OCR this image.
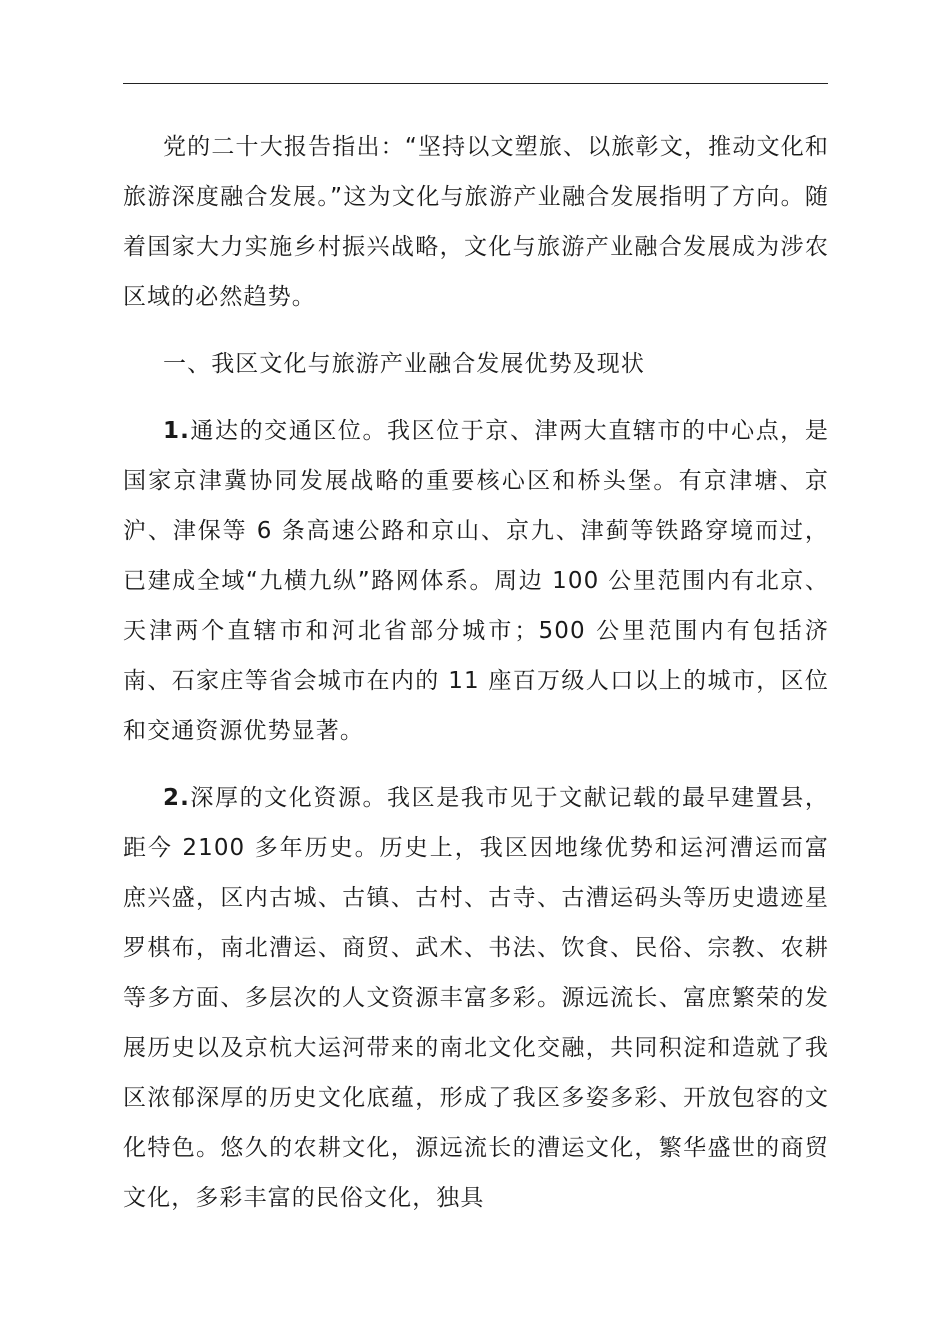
党的二十大报告指出：“坚持以文塑旅、以旅彰文，推动文化和旅游深度融合发展。”这为文化与旅游产业融合发展指明了方向。随着国家大力实施乡村振兴战略，文化与旅游产业融合发展成为涉农区域的必然趋势。

一、我区文化与旅游产业融合发展优势及现状

1.通达的交通区位。我区位于京、津两大直辖市的中心点，是国家京津冀协同发展战略的重要核心区和桥头堡。有京津塘、京沪、津保等 6 条高速公路和京山、京九、津蓟等铁路穿境而过，已建成全域“九横九纵”路网体系。周边 100 公里范围内有北京、天津两个直辖市和河北省部分城市；500 公里范围内有包括济南、石家庄等省会城市在内的 11 座百万级人口以上的城市，区位和交通资源优势显著。

2.深厚的文化资源。我区是我市见于文献记载的最早建置县，距今 2100 多年历史。历史上，我区因地缘优势和运河漕运而富庶兴盛，区内古城、古镇、古村、古寺、古漕运码头等历史遗迹星罗棋布，南北漕运、商贸、武术、书法、饮食、民俗、宗教、农耕等多方面、多层次的人文资源丰富多彩。源远流长、富庶繁荣的发展历史以及京杭大运河带来的南北文化交融，共同积淀和造就了我区浓郁深厚的历史文化底蕴，形成了我区多姿多彩、开放包容的文化特色。悠久的农耕文化，源远流长的漕运文化，繁华盛世的商贸文化，多彩丰富的民俗文化，独具
